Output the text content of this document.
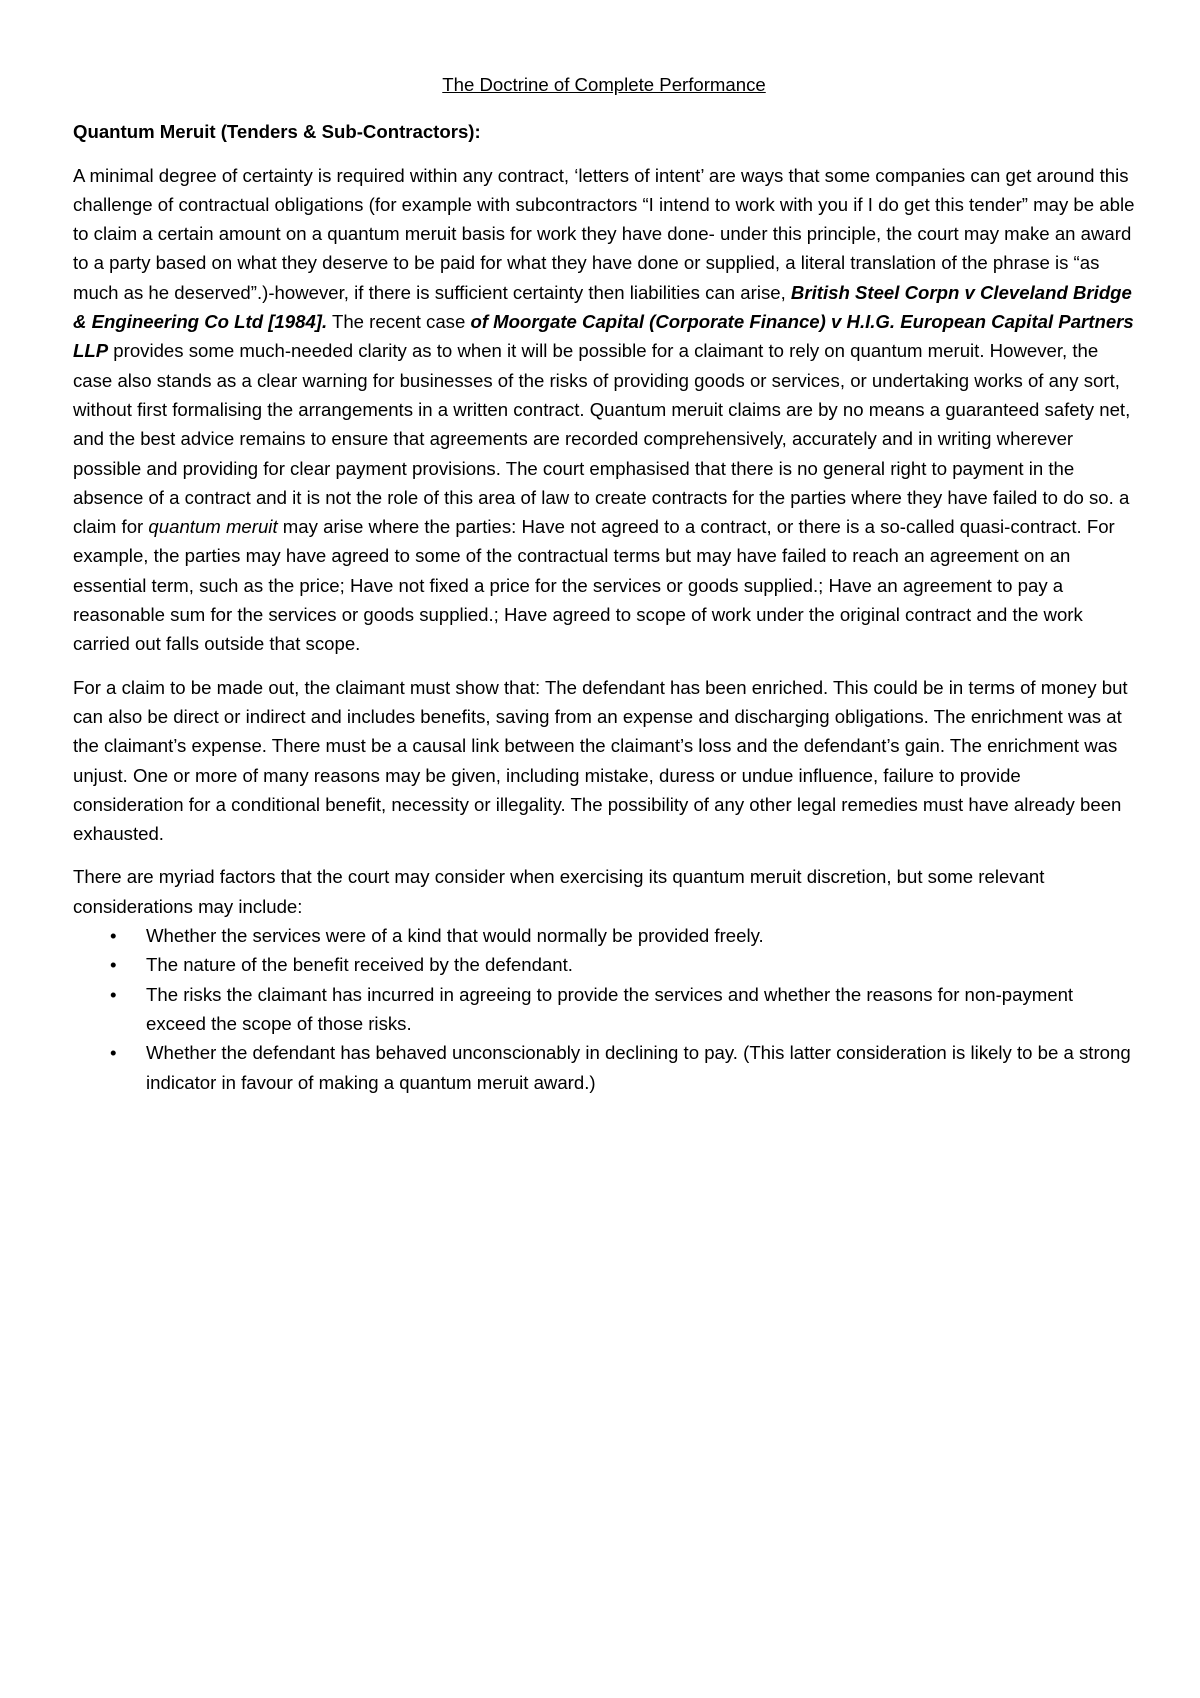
The Doctrine of Complete Performance
Quantum Meruit (Tenders & Sub-Contractors):

A minimal degree of certainty is required within any contract, ‘letters of intent’ are ways that some companies can get around this challenge of contractual obligations (for example with subcontractors “I intend to work with you if I do get this tender” may be able to claim a certain amount on a quantum meruit basis for work they have done- under this principle, the court may make an award to a party based on what they deserve to be paid for what they have done or supplied, a literal translation of the phrase is “as much as he deserved”.)-however, if there is sufficient certainty then liabilities can arise, British Steel Corpn v Cleveland Bridge & Engineering Co Ltd [1984]. The recent case of Moorgate Capital (Corporate Finance) v H.I.G. European Capital Partners LLP provides some much-needed clarity as to when it will be possible for a claimant to rely on quantum meruit. However, the case also stands as a clear warning for businesses of the risks of providing goods or services, or undertaking works of any sort, without first formalising the arrangements in a written contract. Quantum meruit claims are by no means a guaranteed safety net, and the best advice remains to ensure that agreements are recorded comprehensively, accurately and in writing wherever possible and providing for clear payment provisions. The court emphasised that there is no general right to payment in the absence of a contract and it is not the role of this area of law to create contracts for the parties where they have failed to do so. a claim for quantum meruit may arise where the parties: Have not agreed to a contract, or there is a so-called quasi-contract. For example, the parties may have agreed to some of the contractual terms but may have failed to reach an agreement on an essential term, such as the price; Have not fixed a price for the services or goods supplied.; Have an agreement to pay a reasonable sum for the services or goods supplied.; Have agreed to scope of work under the original contract and the work carried out falls outside that scope.

For a claim to be made out, the claimant must show that: The defendant has been enriched. This could be in terms of money but can also be direct or indirect and includes benefits, saving from an expense and discharging obligations. The enrichment was at the claimant’s expense. There must be a causal link between the claimant’s loss and the defendant’s gain. The enrichment was unjust. One or more of many reasons may be given, including mistake, duress or undue influence, failure to provide consideration for a conditional benefit, necessity or illegality. The possibility of any other legal remedies must have already been exhausted.

There are myriad factors that the court may consider when exercising its quantum meruit discretion, but some relevant considerations may include:

• Whether the services were of a kind that would normally be provided freely.
• The nature of the benefit received by the defendant.
• The risks the claimant has incurred in agreeing to provide the services and whether the reasons for non-payment exceed the scope of those risks.
• Whether the defendant has behaved unconscionably in declining to pay. (This latter consideration is likely to be a strong indicator in favour of making a quantum meruit award.)
